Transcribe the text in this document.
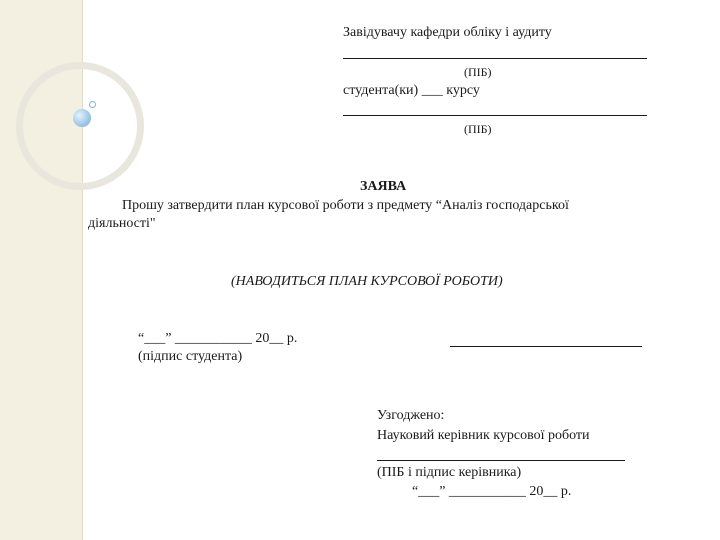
Завідувачу кафедри обліку і аудиту
(ПІБ)
студента(ки) ___ курсу
(ПІБ)
ЗАЯВА
Прошу затвердити план курсової роботи з предмету “Аналіз господарської
діяльності"
(НАВОДИТЬСЯ ПЛАН КУРСОВОЇ РОБОТИ)
“___” ___________ 20__ р.
(підпис студента)
Узгоджено:
Науковий керівник курсової роботи
(ПІБ і підпис керівника)
“___” ___________ 20__ р.
